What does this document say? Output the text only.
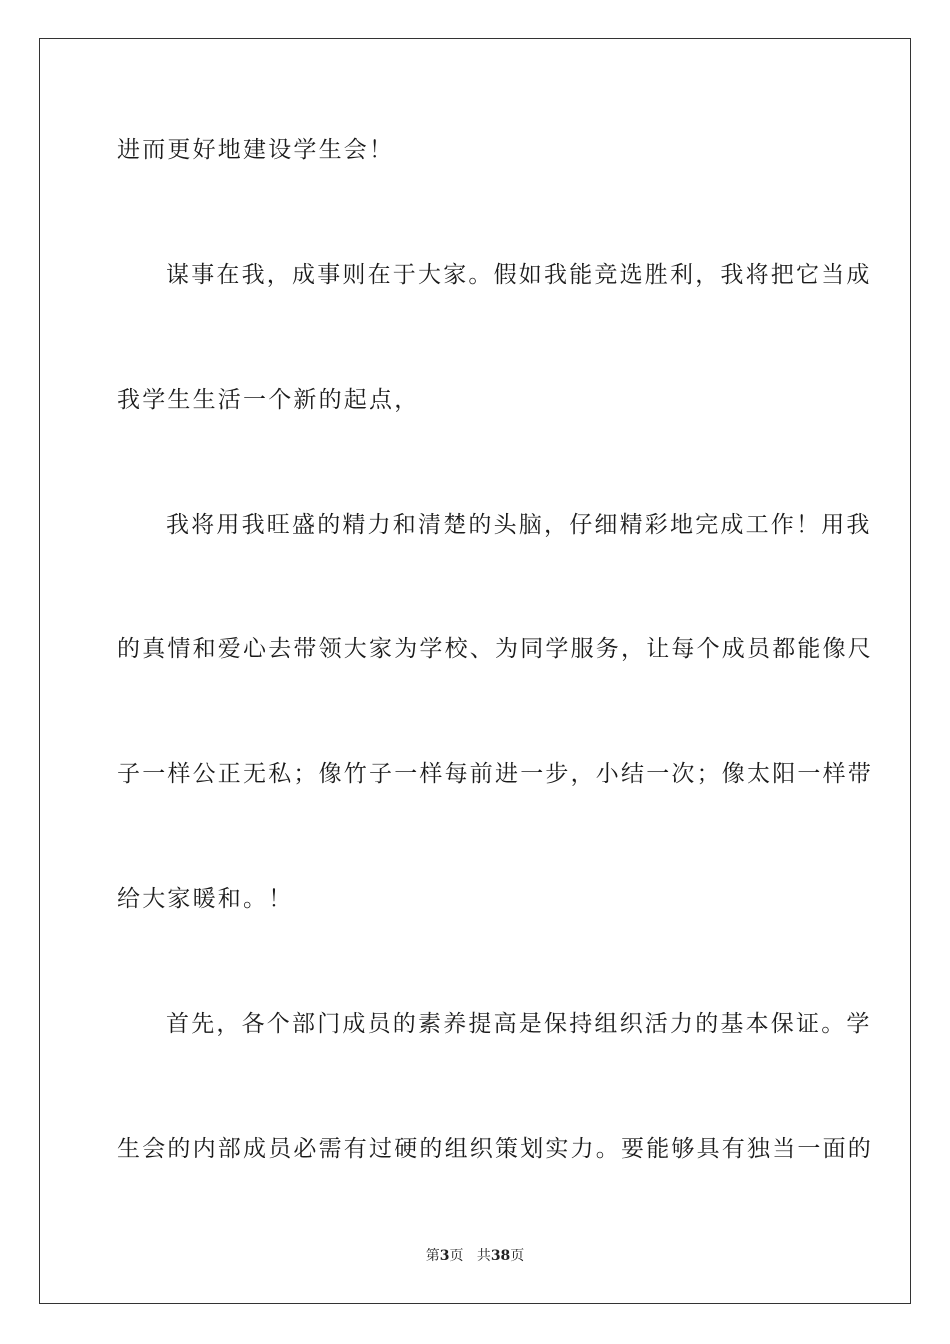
进而更好地建设学生会！
谋事在我，成事则在于大家。假如我能竞选胜利，我将把它当成
我学生生活一个新的起点，
我将用我旺盛的精力和清楚的头脑，仔细精彩地完成工作！用我
的真情和爱心去带领大家为学校、为同学服务，让每个成员都能像尺
子一样公正无私；像竹子一样每前进一步，小结一次；像太阳一样带
给大家暖和。！
首先，各个部门成员的素养提高是保持组织活力的基本保证。学
生会的内部成员必需有过硬的组织策划实力。要能够具有独当一面的
第3页 共38页
